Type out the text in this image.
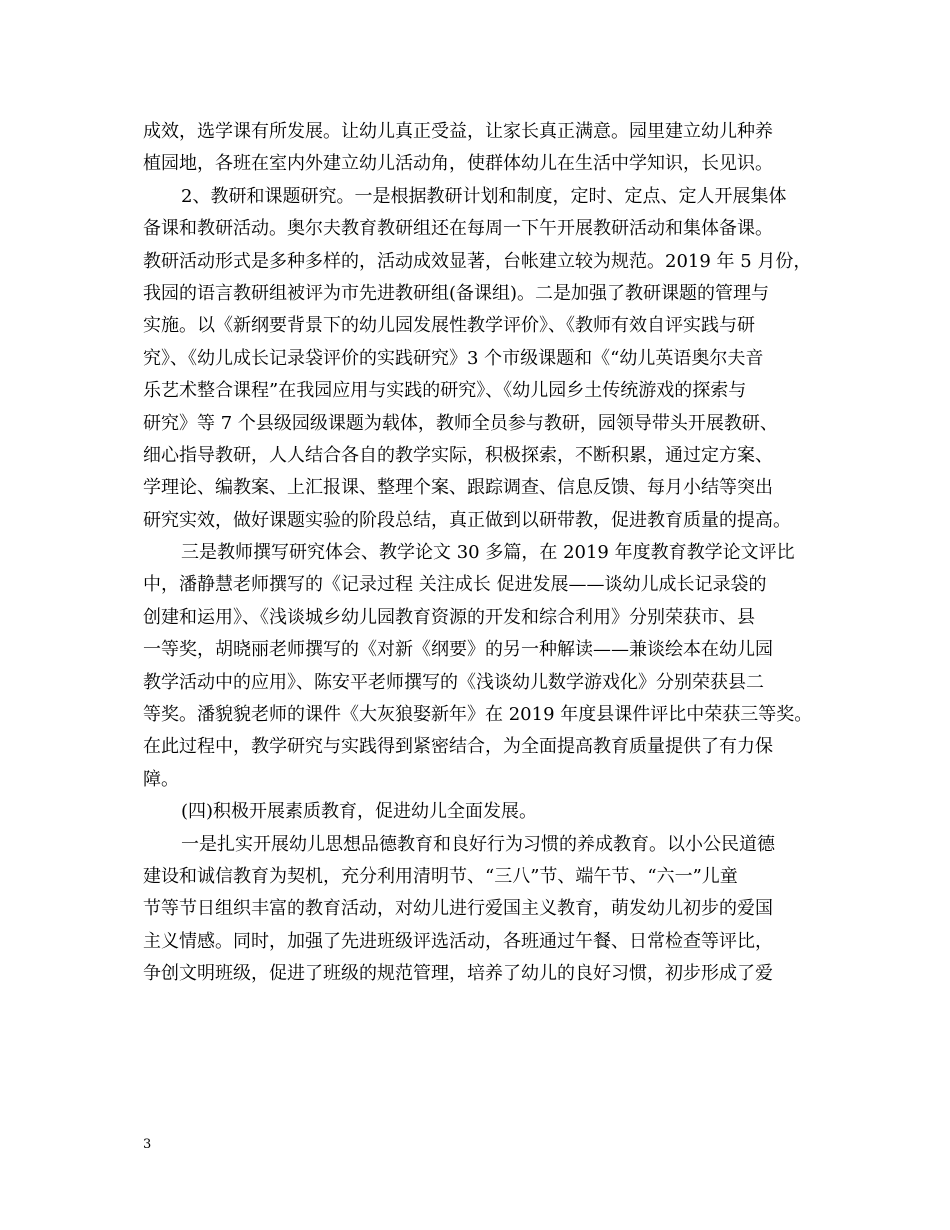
成效，选学课有所发展。让幼儿真正受益，让家长真正满意。园里建立幼儿种养
植园地，各班在室内外建立幼儿活动角，使群体幼儿在生活中学知识，长见识。
2、教研和课题研究。一是根据教研计划和制度，定时、定点、定人开展集体
备课和教研活动。奥尔夫教育教研组还在每周一下午开展教研活动和集体备课。
教研活动形式是多种多样的，活动成效显著，台帐建立较为规范。2019 年 5 月份，
我园的语言教研组被评为市先进教研组(备课组)。二是加强了教研课题的管理与
实施。以《新纲要背景下的幼儿园发展性教学评价》、《教师有效自评实践与研
究》、《幼儿成长记录袋评价的实践研究》3 个市级课题和《“幼儿英语奥尔夫音
乐艺术整合课程”在我园应用与实践的研究》、《幼儿园乡土传统游戏的探索与
研究》等 7 个县级园级课题为载体，教师全员参与教研，园领导带头开展教研、
细心指导教研，人人结合各自的教学实际，积极探索，不断积累，通过定方案、
学理论、编教案、上汇报课、整理个案、跟踪调查、信息反馈、每月小结等突出
研究实效，做好课题实验的阶段总结，真正做到以研带教，促进教育质量的提高。
三是教师撰写研究体会、教学论文 30 多篇，在 2019 年度教育教学论文评比
中，潘静慧老师撰写的《记录过程 关注成长 促进发展——谈幼儿成长记录袋的
创建和运用》、《浅谈城乡幼儿园教育资源的开发和综合利用》分别荣获市、县
一等奖，胡晓丽老师撰写的《对新《纲要》的另一种解读——兼谈绘本在幼儿园
教学活动中的应用》、陈安平老师撰写的《浅谈幼儿数学游戏化》分别荣获县二
等奖。潘貌貌老师的课件《大灰狼娶新年》在 2019 年度县课件评比中荣获三等奖。
在此过程中，教学研究与实践得到紧密结合，为全面提高教育质量提供了有力保
障。
(四)积极开展素质教育，促进幼儿全面发展。
一是扎实开展幼儿思想品德教育和良好行为习惯的养成教育。以小公民道德
建设和诚信教育为契机，充分利用清明节、“三八”节、端午节、“六一”儿童
节等节日组织丰富的教育活动，对幼儿进行爱国主义教育，萌发幼儿初步的爱国
主义情感。同时，加强了先进班级评选活动，各班通过午餐、日常检查等评比，
争创文明班级，促进了班级的规范管理，培养了幼儿的良好习惯，初步形成了爱
3
